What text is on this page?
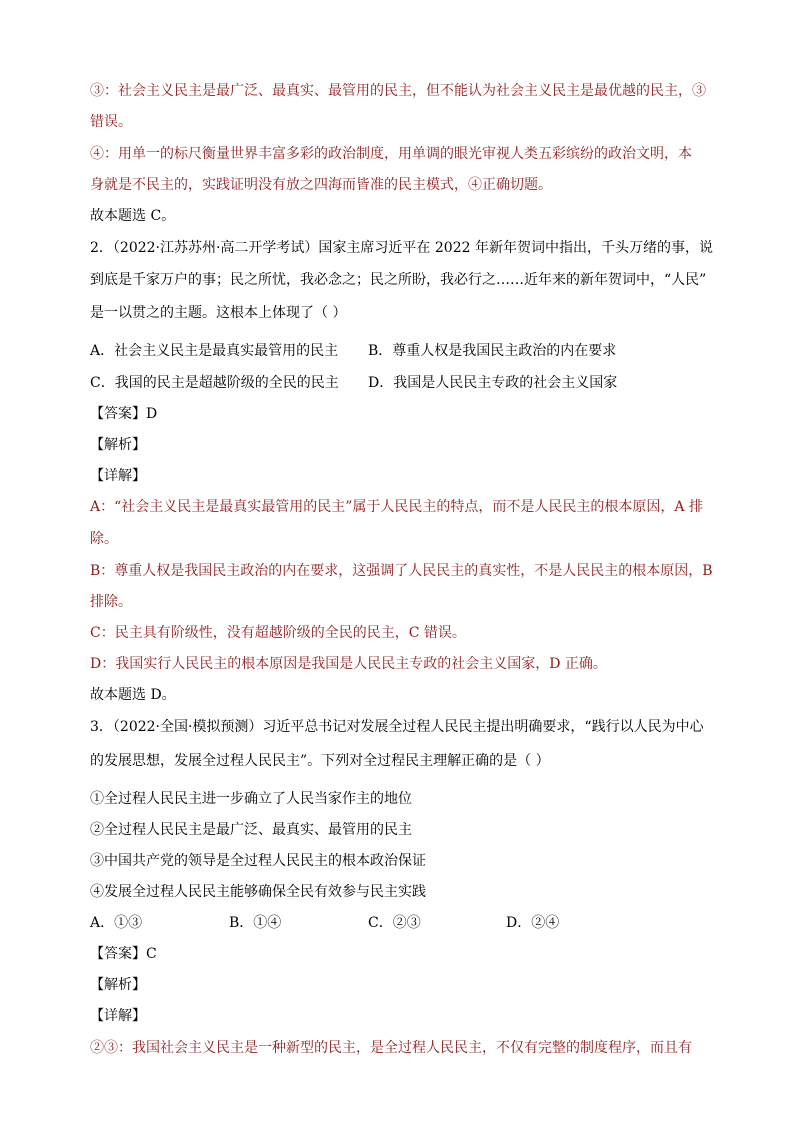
③：社会主义民主是最广泛、最真实、最管用的民主，但不能认为社会主义民主是最优越的民主，③
错误。
④：用单一的标尺衡量世界丰富多彩的政治制度，用单调的眼光审视人类五彩缤纷的政治文明，本
身就是不民主的，实践证明没有放之四海而皆准的民主模式，④正确切题。
故本题选 C。
2．（2022·江苏苏州·高二开学考试）国家主席习近平在 2022 年新年贺词中指出，千头万绪的事，说
到底是千家万户的事；民之所忧，我必念之；民之所盼，我必行之……近年来的新年贺词中，“人民”
是一以贯之的主题。这根本上体现了（ ）
A．社会主义民主是最真实最管用的民主 B．尊重人权是我国民主政治的内在要求
C．我国的民主是超越阶级的全民的民主 D．我国是人民民主专政的社会主义国家
【答案】D
【解析】
【详解】
A：“社会主义民主是最真实最管用的民主”属于人民民主的特点，而不是人民民主的根本原因，A 排
除。
B：尊重人权是我国民主政治的内在要求，这强调了人民民主的真实性，不是人民民主的根本原因，B
排除。
C：民主具有阶级性，没有超越阶级的全民的民主，C 错误。
D：我国实行人民民主的根本原因是我国是人民民主专政的社会主义国家，D 正确。
故本题选 D。
3．（2022·全国·模拟预测）习近平总书记对发展全过程人民民主提出明确要求，“践行以人民为中心
的发展思想，发展全过程人民民主”。下列对全过程民主理解正确的是（ ）
①全过程人民民主进一步确立了人民当家作主的地位
②全过程人民民主是最广泛、最真实、最管用的民主
③中国共产党的领导是全过程人民民主的根本政治保证
④发展全过程人民民主能够确保全民有效参与民主实践
A．①③	B．①④	C．②③	D．②④
【答案】C
【解析】
【详解】
②③：我国社会主义民主是一种新型的民主，是全过程人民民主，不仅有完整的制度程序，而且有
